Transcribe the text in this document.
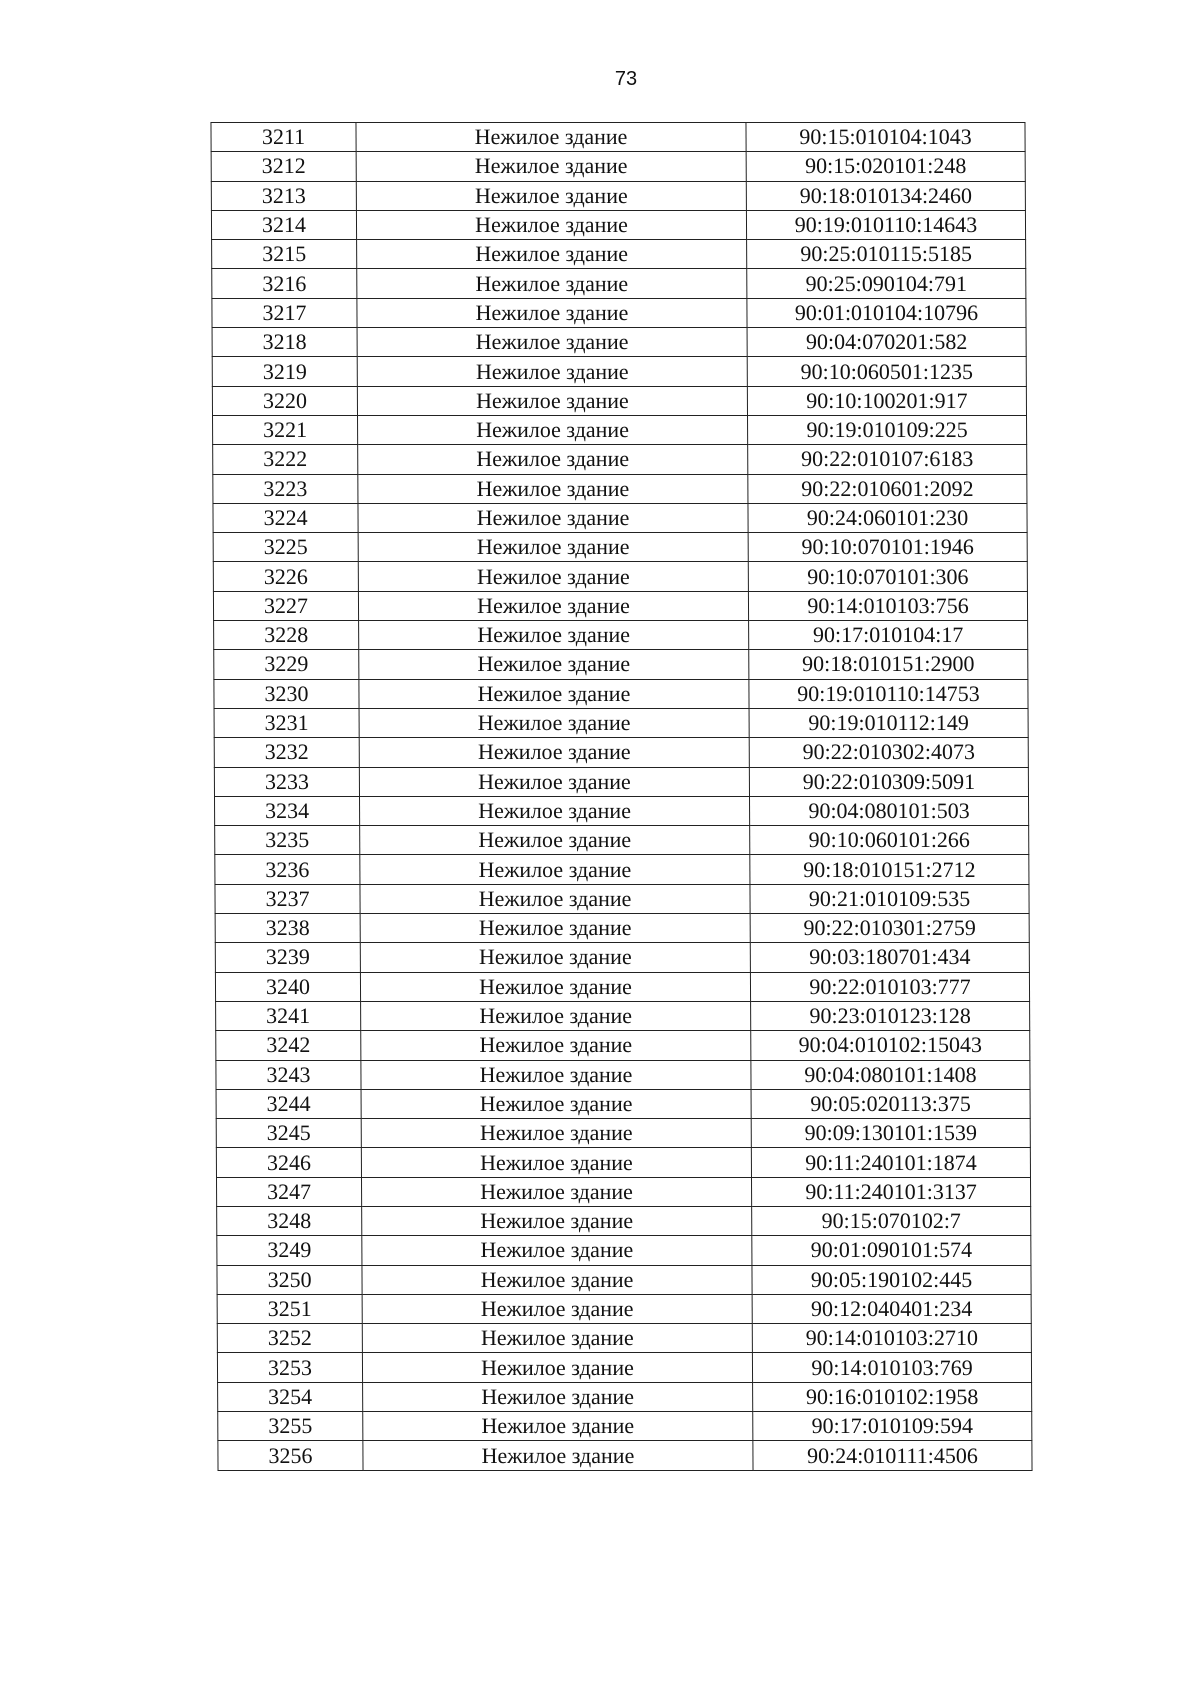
73
3211	Нежилое здание	90:15:010104:1043
3212	Нежилое здание	90:15:020101:248
3213	Нежилое здание	90:18:010134:2460
3214	Нежилое здание	90:19:010110:14643
3215	Нежилое здание	90:25:010115:5185
3216	Нежилое здание	90:25:090104:791
3217	Нежилое здание	90:01:010104:10796
3218	Нежилое здание	90:04:070201:582
3219	Нежилое здание	90:10:060501:1235
3220	Нежилое здание	90:10:100201:917
3221	Нежилое здание	90:19:010109:225
3222	Нежилое здание	90:22:010107:6183
3223	Нежилое здание	90:22:010601:2092
3224	Нежилое здание	90:24:060101:230
3225	Нежилое здание	90:10:070101:1946
3226	Нежилое здание	90:10:070101:306
3227	Нежилое здание	90:14:010103:756
3228	Нежилое здание	90:17:010104:17
3229	Нежилое здание	90:18:010151:2900
3230	Нежилое здание	90:19:010110:14753
3231	Нежилое здание	90:19:010112:149
3232	Нежилое здание	90:22:010302:4073
3233	Нежилое здание	90:22:010309:5091
3234	Нежилое здание	90:04:080101:503
3235	Нежилое здание	90:10:060101:266
3236	Нежилое здание	90:18:010151:2712
3237	Нежилое здание	90:21:010109:535
3238	Нежилое здание	90:22:010301:2759
3239	Нежилое здание	90:03:180701:434
3240	Нежилое здание	90:22:010103:777
3241	Нежилое здание	90:23:010123:128
3242	Нежилое здание	90:04:010102:15043
3243	Нежилое здание	90:04:080101:1408
3244	Нежилое здание	90:05:020113:375
3245	Нежилое здание	90:09:130101:1539
3246	Нежилое здание	90:11:240101:1874
3247	Нежилое здание	90:11:240101:3137
3248	Нежилое здание	90:15:070102:7
3249	Нежилое здание	90:01:090101:574
3250	Нежилое здание	90:05:190102:445
3251	Нежилое здание	90:12:040401:234
3252	Нежилое здание	90:14:010103:2710
3253	Нежилое здание	90:14:010103:769
3254	Нежилое здание	90:16:010102:1958
3255	Нежилое здание	90:17:010109:594
3256	Нежилое здание	90:24:010111:4506
